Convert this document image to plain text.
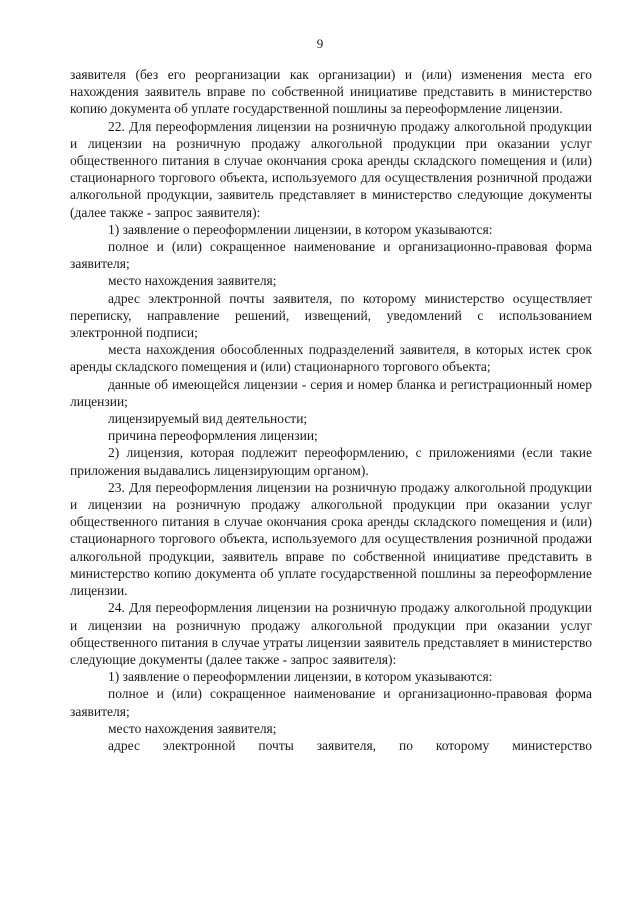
9

заявителя (без его реорганизации как организации) и (или) изменения места его нахождения заявитель вправе по собственной инициативе представить в министерство копию документа об уплате государственной пошлины за переоформление лицензии.

22. Для переоформления лицензии на розничную продажу алкогольной продукции и лицензии на розничную продажу алкогольной продукции при оказании услуг общественного питания в случае окончания срока аренды складского помещения и (или) стационарного торгового объекта, используемого для осуществления розничной продажи алкогольной продукции, заявитель представляет в министерство следующие документы (далее также - запрос заявителя):

1) заявление о переоформлении лицензии, в котором указываются:

полное и (или) сокращенное наименование и организационно-правовая форма заявителя;

место нахождения заявителя;

адрес электронной почты заявителя, по которому министерство осуществляет переписку, направление решений, извещений, уведомлений с использованием электронной подписи;

места нахождения обособленных подразделений заявителя, в которых истек срок аренды складского помещения и (или) стационарного торгового объекта;

данные об имеющейся лицензии - серия и номер бланка и регистрационный номер лицензии;

лицензируемый вид деятельности;

причина переоформления лицензии;

2) лицензия, которая подлежит переоформлению, с приложениями (если такие приложения выдавались лицензирующим органом).

23. Для переоформления лицензии на розничную продажу алкогольной продукции и лицензии на розничную продажу алкогольной продукции при оказании услуг общественного питания в случае окончания срока аренды складского помещения и (или) стационарного торгового объекта, используемого для осуществления розничной продажи алкогольной продукции, заявитель вправе по собственной инициативе представить в министерство копию документа об уплате государственной пошлины за переоформление лицензии.

24. Для переоформления лицензии на розничную продажу алкогольной продукции и лицензии на розничную продажу алкогольной продукции при оказании услуг общественного питания в случае утраты лицензии заявитель представляет в министерство следующие документы (далее также - запрос заявителя):

1) заявление о переоформлении лицензии, в котором указываются:

полное и (или) сокращенное наименование и организационно-правовая форма заявителя;

место нахождения заявителя;

адрес электронной почты заявителя, по которому министерство
